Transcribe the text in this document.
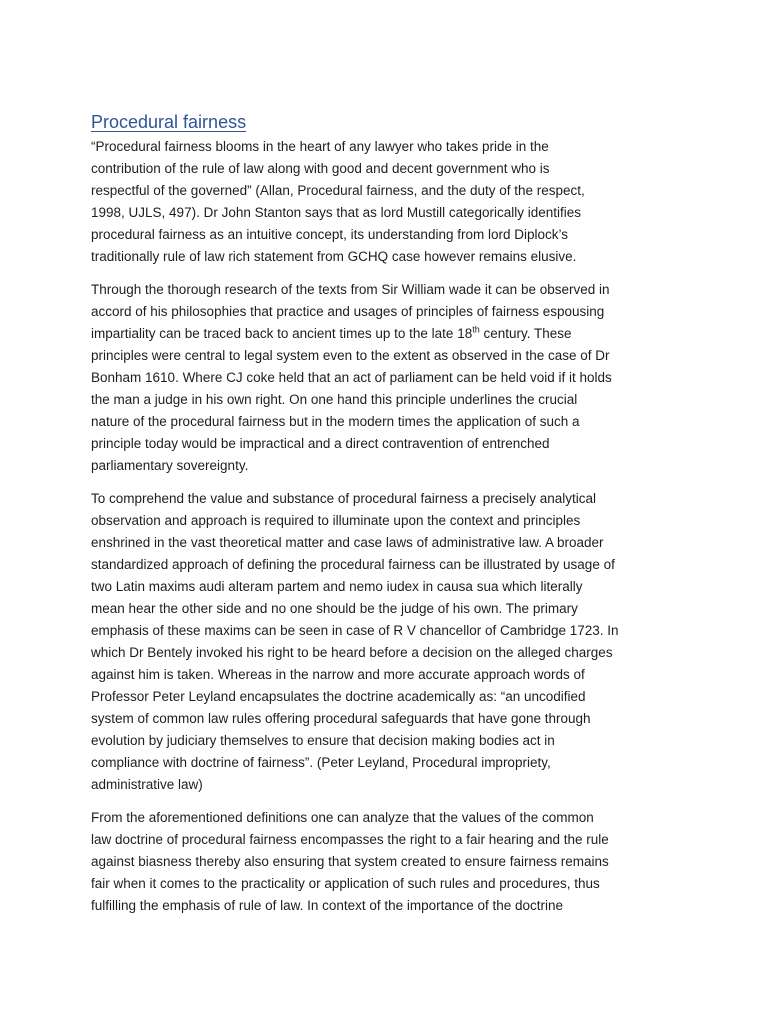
Procedural fairness

“Procedural fairness blooms in the heart of any lawyer who takes pride in the
contribution of the rule of law along with good and decent government who is
respectful of the governed” (Allan, Procedural fairness, and the duty of the respect,
1998, UJLS, 497). Dr John Stanton says that as lord Mustill categorically identifies
procedural fairness as an intuitive concept, its understanding from lord Diplock’s
traditionally rule of law rich statement from GCHQ case however remains elusive.

Through the thorough research of the texts from Sir William wade it can be observed in
accord of his philosophies that practice and usages of principles of fairness espousing
impartiality can be traced back to ancient times up to the late 18th century. These
principles were central to legal system even to the extent as observed in the case of Dr
Bonham 1610. Where CJ coke held that an act of parliament can be held void if it holds
the man a judge in his own right. On one hand this principle underlines the crucial
nature of the procedural fairness but in the modern times the application of such a
principle today would be impractical and a direct contravention of entrenched
parliamentary sovereignty.

To comprehend the value and substance of procedural fairness a precisely analytical
observation and approach is required to illuminate upon the context and principles
enshrined in the vast theoretical matter and case laws of administrative law. A broader
standardized approach of defining the procedural fairness can be illustrated by usage of
two Latin maxims audi alteram partem and nemo iudex in causa sua which literally
mean hear the other side and no one should be the judge of his own. The primary
emphasis of these maxims can be seen in case of R V chancellor of Cambridge 1723. In
which Dr Bentely invoked his right to be heard before a decision on the alleged charges
against him is taken. Whereas in the narrow and more accurate approach words of
Professor Peter Leyland encapsulates the doctrine academically as: “an uncodified
system of common law rules offering procedural safeguards that have gone through
evolution by judiciary themselves to ensure that decision making bodies act in
compliance with doctrine of fairness”. (Peter Leyland, Procedural impropriety,
administrative law)

From the aforementioned definitions one can analyze that the values of the common
law doctrine of procedural fairness encompasses the right to a fair hearing and the rule
against biasness thereby also ensuring that system created to ensure fairness remains
fair when it comes to the practicality or application of such rules and procedures, thus
fulfilling the emphasis of rule of law. In context of the importance of the doctrine
